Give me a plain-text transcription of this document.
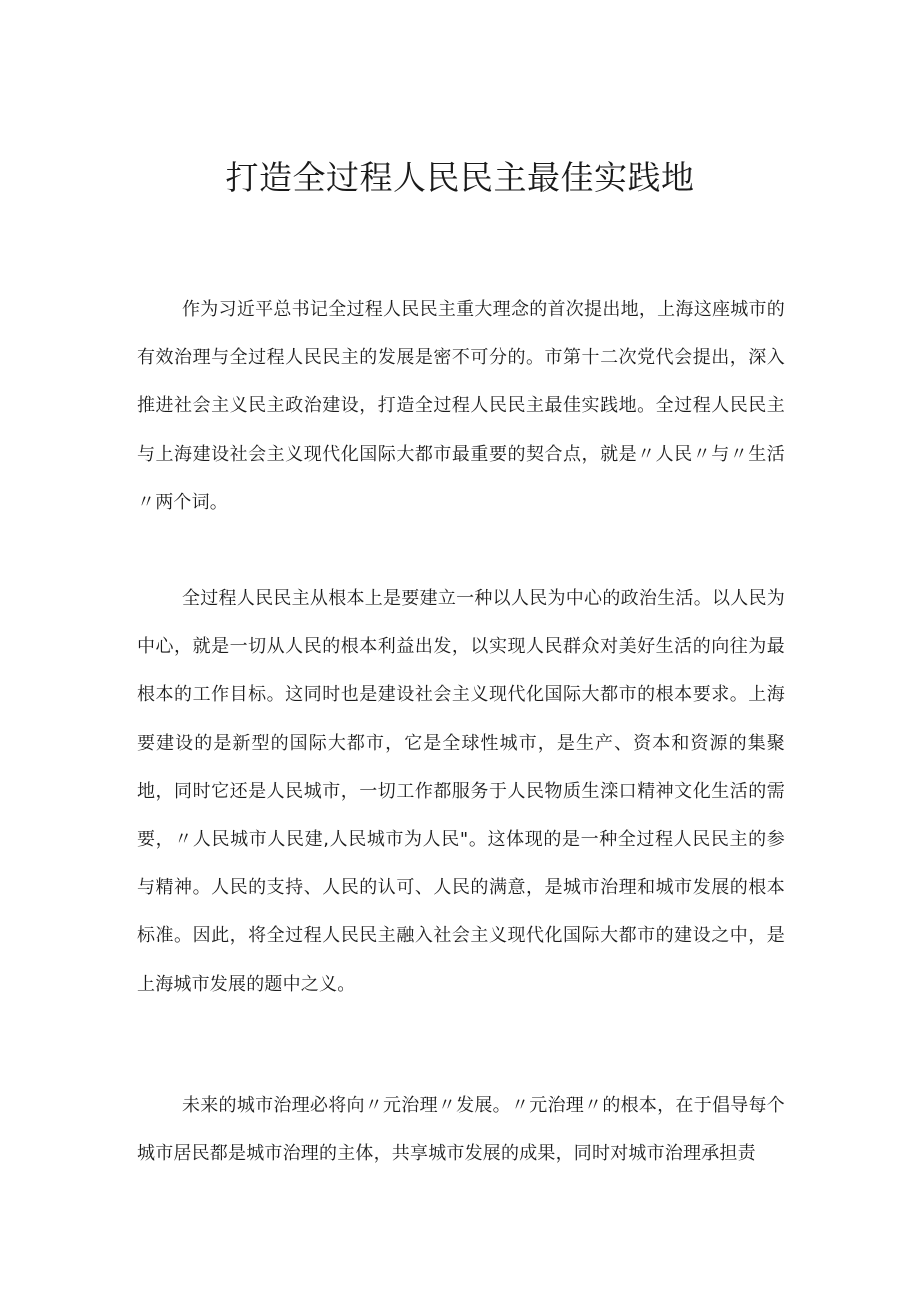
打造全过程人民民主最佳实践地

作为习近平总书记全过程人民民主重大理念的首次提出地，上海这座城市的有效治理与全过程人民民主的发展是密不可分的。市第十二次党代会提出，深入推进社会主义民主政治建设，打造全过程人民民主最佳实践地。全过程人民民主与上海建设社会主义现代化国际大都市最重要的契合点，就是〃人民〃与〃生活〃两个词。

全过程人民民主从根本上是要建立一种以人民为中心的政治生活。以人民为中心，就是一切从人民的根本利益出发，以实现人民群众对美好生活的向往为最根本的工作目标。这同时也是建设社会主义现代化国际大都市的根本要求。上海要建设的是新型的国际大都市，它是全球性城市，是生产、资本和资源的集聚地，同时它还是人民城市，一切工作都服务于人民物质生滦口精神文化生活的需要，〃人民城市人民建,人民城市为人民"。这体现的是一种全过程人民民主的参与精神。人民的支持、人民的认可、人民的满意，是城市治理和城市发展的根本标准。因此，将全过程人民民主融入社会主义现代化国际大都市的建设之中，是上海城市发展的题中之义。

未来的城市治理必将向〃元治理〃发展。〃元治理〃的根本，在于倡导每个城市居民都是城市治理的主体，共享城市发展的成果，同时对城市治理承担责
